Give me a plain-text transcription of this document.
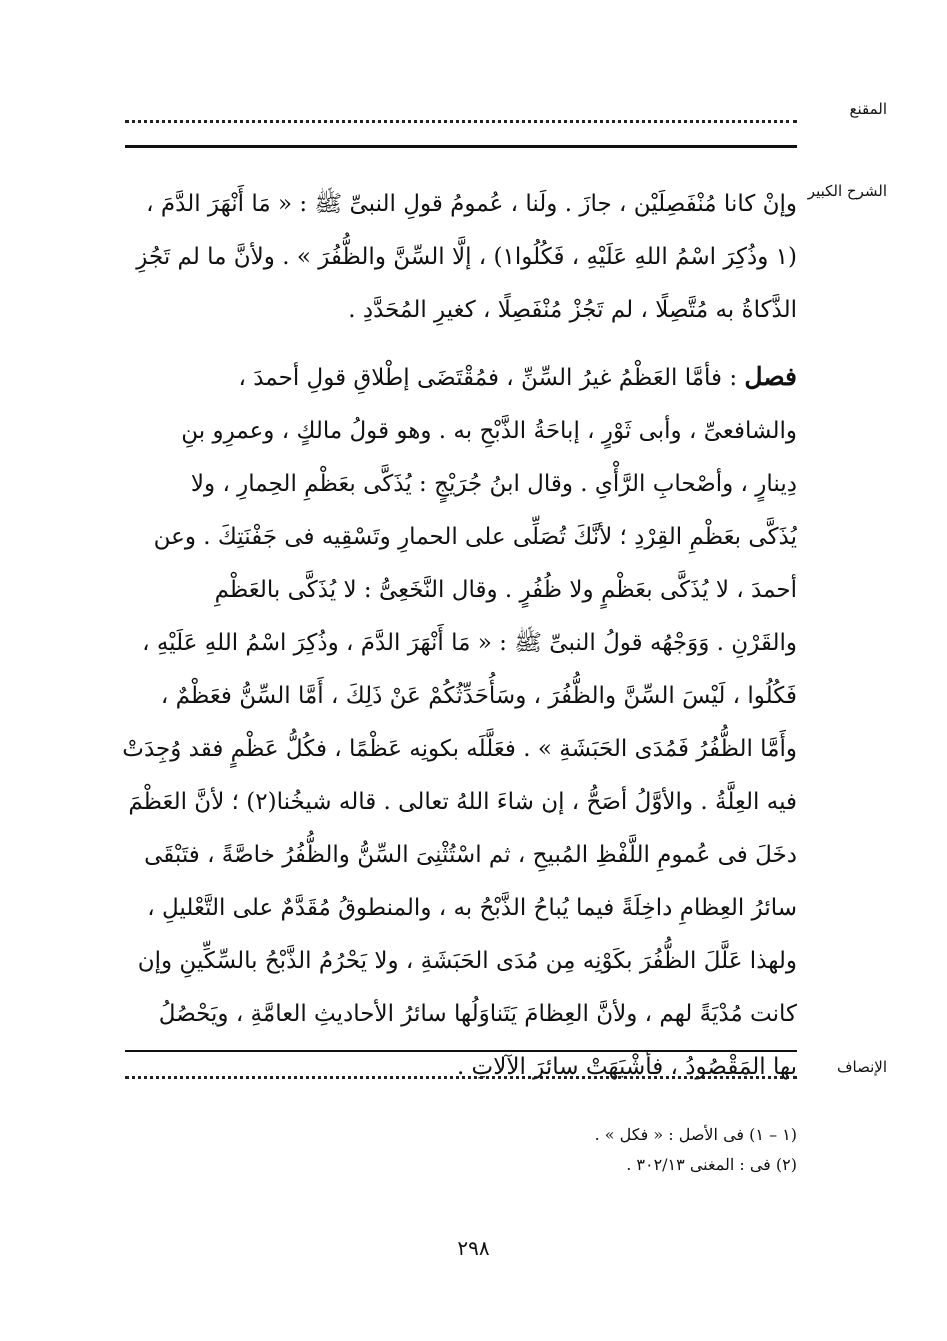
المقنع
الشرح الكبير
وإنْ كانا مُنْفَصِلَيْن ، جازَ . ولَنا ، عُمومُ قولِ النبىِّ ﷺ : « مَا أَنْهَرَ الدَّمَ ،
(١ وذُكِرَ اسْمُ اللهِ عَلَيْهِ ، فَكُلُوا١) ، إلَّا السِّنَّ والظُّفُرَ » . ولأنَّ ما لم تَجُزِ
الذَّكاةُ به مُتَّصِلًا ، لم تَجُزْ مُنْفَصِلًا ، كغيرِ المُحَدَّدِ .
فصل : فأمَّا العَظْمُ غيرُ السِّنِّ ، فمُقْتَضَى إطْلاقِ قولِ أحمدَ ،
والشافعىِّ ، وأبى ثَوْرٍ ، إباحَةُ الذَّبْحِ به . وهو قولُ مالكٍ ، وعمرِو بنِ
دِينارٍ ، وأصْحابِ الرَّأْىِ . وقال ابنُ جُرَيْجٍ : يُذَكَّى بعَظْمِ الحِمارِ ، ولا
يُذَكَّى بعَظْمِ القِرْدِ ؛ لأنَّكَ تُصَلِّى على الحمارِ وتَسْقِيه فى جَفْنَتِكَ . وعن
أحمدَ ، لا يُذَكَّى بعَظْمٍ ولا ظُفُرٍ . وقال النَّخَعِىُّ : لا يُذَكَّى بالعَظْمِ
والقَرْنِ . وَوَجْهُه قولُ النبىِّ ﷺ : « مَا أَنْهَرَ الدَّمَ ، وذُكِرَ اسْمُ اللهِ عَلَيْهِ ،
فَكُلُوا ، لَيْسَ السِّنَّ والظُّفُرَ ، وسَأُحَدِّثُكُمْ عَنْ ذَلِكَ ، أَمَّا السِّنُّ فعَظْمٌ ،
وأَمَّا الظُّفُرُ فَمُدَى الحَبَشَةِ » . فعَلَّلَه بكونِه عَظْمًا ، فكُلُّ عَظْمٍ فقد وُجِدَتْ
فيه العِلَّةُ . والأوَّلُ أصَحُّ ، إن شاءَ اللهُ تعالى . قاله شيخُنا(٢) ؛ لأنَّ العَظْمَ
دخَلَ فى عُمومِ اللَّفْظِ المُبيحِ ، ثم اسْتُثْنِىَ السِّنُّ والظُّفُرُ خاصَّةً ، فتَبْقَى
سائرُ العِظامِ داخِلَةً فيما يُباحُ الذَّبْحُ به ، والمنطوقُ مُقَدَّمٌ على التَّعْليلِ ،
ولهذا عَلَّلَ الظُّفُرَ بكَوْنِه مِن مُدَى الحَبَشَةِ ، ولا يَحْرُمُ الذَّبْحُ بالسِّكِّينِ وإن
كانت مُدْيَةً لهم ، ولأنَّ العِظامَ يَتَناوَلُها سائرُ الأحاديثِ العامَّةِ ، ويَحْصُلُ
بها المَقْصُودُ ، فأشْبَهَتْ سائرَ الآلاتِ .	الإنصاف
(١ – ١) فى الأصل : « فكل » .
(٢) فى : المغنى ٣٠٢/١٣ .
٢٩٨
